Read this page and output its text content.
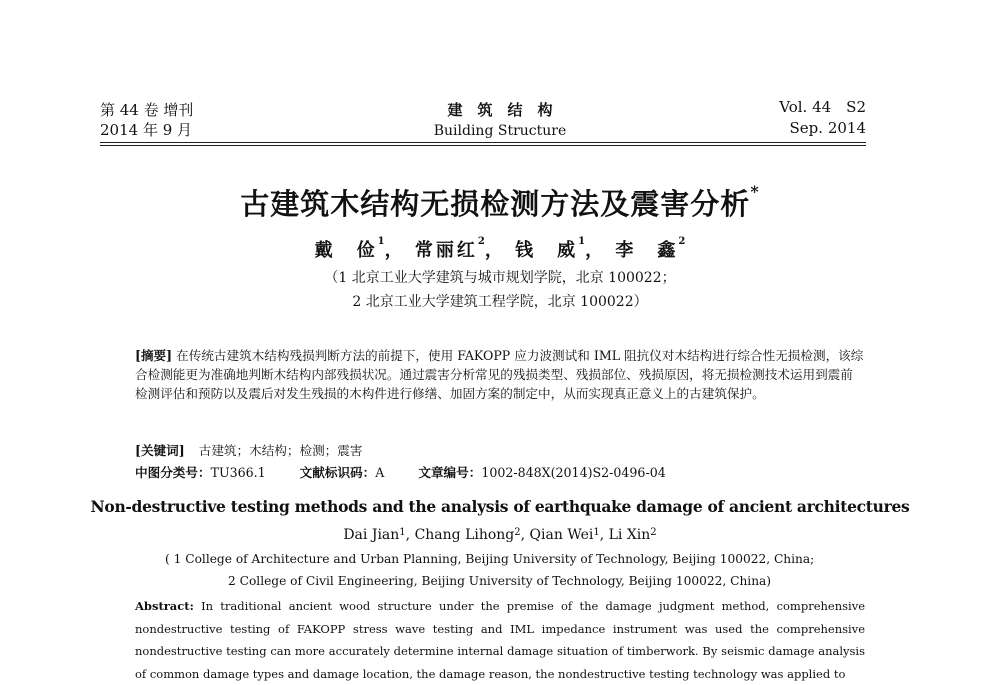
第 44 卷 增刊
2014 年 9 月
建　筑　结　构
Building Structure
Vol. 44　S2
Sep. 2014
古建筑木结构无损检测方法及震害分析*
戴　俭$^1$， 常丽红$^2$， 钱　威$^1$， 李　鑫$^2$
（1 北京工业大学建筑与城市规划学院，北京 100022；
2 北京工业大学建筑工程学院，北京 100022）
[摘要] 在传统古建筑木结构残损判断方法的前提下，使用 FAKOPP 应力波测试和 IML 阻抗仪对木结构进行综合性无损检测，该综合检测能更为准确地判断木结构内部残损状况。通过震害分析常见的残损类型、残损部位、残损原因，将无损检测技术运用到震前检测评估和预防以及震后对发生残损的木构件进行修缮、加固方案的制定中，从而实现真正意义上的古建筑保护。
[关键词] 古建筑；木结构；检测；震害
中图分类号：TU366.1	文献标识码：A	文章编号：1002-848X(2014)S2-0496-04
Non-destructive testing methods and the analysis of earthquake damage of ancient architectures
Dai Jian$^1$, Chang Lihong$^2$, Qian Wei$^1$, Li Xin$^2$
( 1 College of Architecture and Urban Planning, Beijing University of Technology, Beijing 100022, China;
2 College of Civil Engineering, Beijing University of Technology, Beijing 100022, China)
Abstract: In traditional ancient wood structure under the premise of the damage judgment method, comprehensive nondestructive testing of FAKOPP stress wave testing and IML impedance instrument was used the comprehensive nondestructive testing can more accurately determine internal damage situation of timberwork. By seismic damage analysis of common damage types and damage location, the damage reason, the nondestructive testing technology was applied to
